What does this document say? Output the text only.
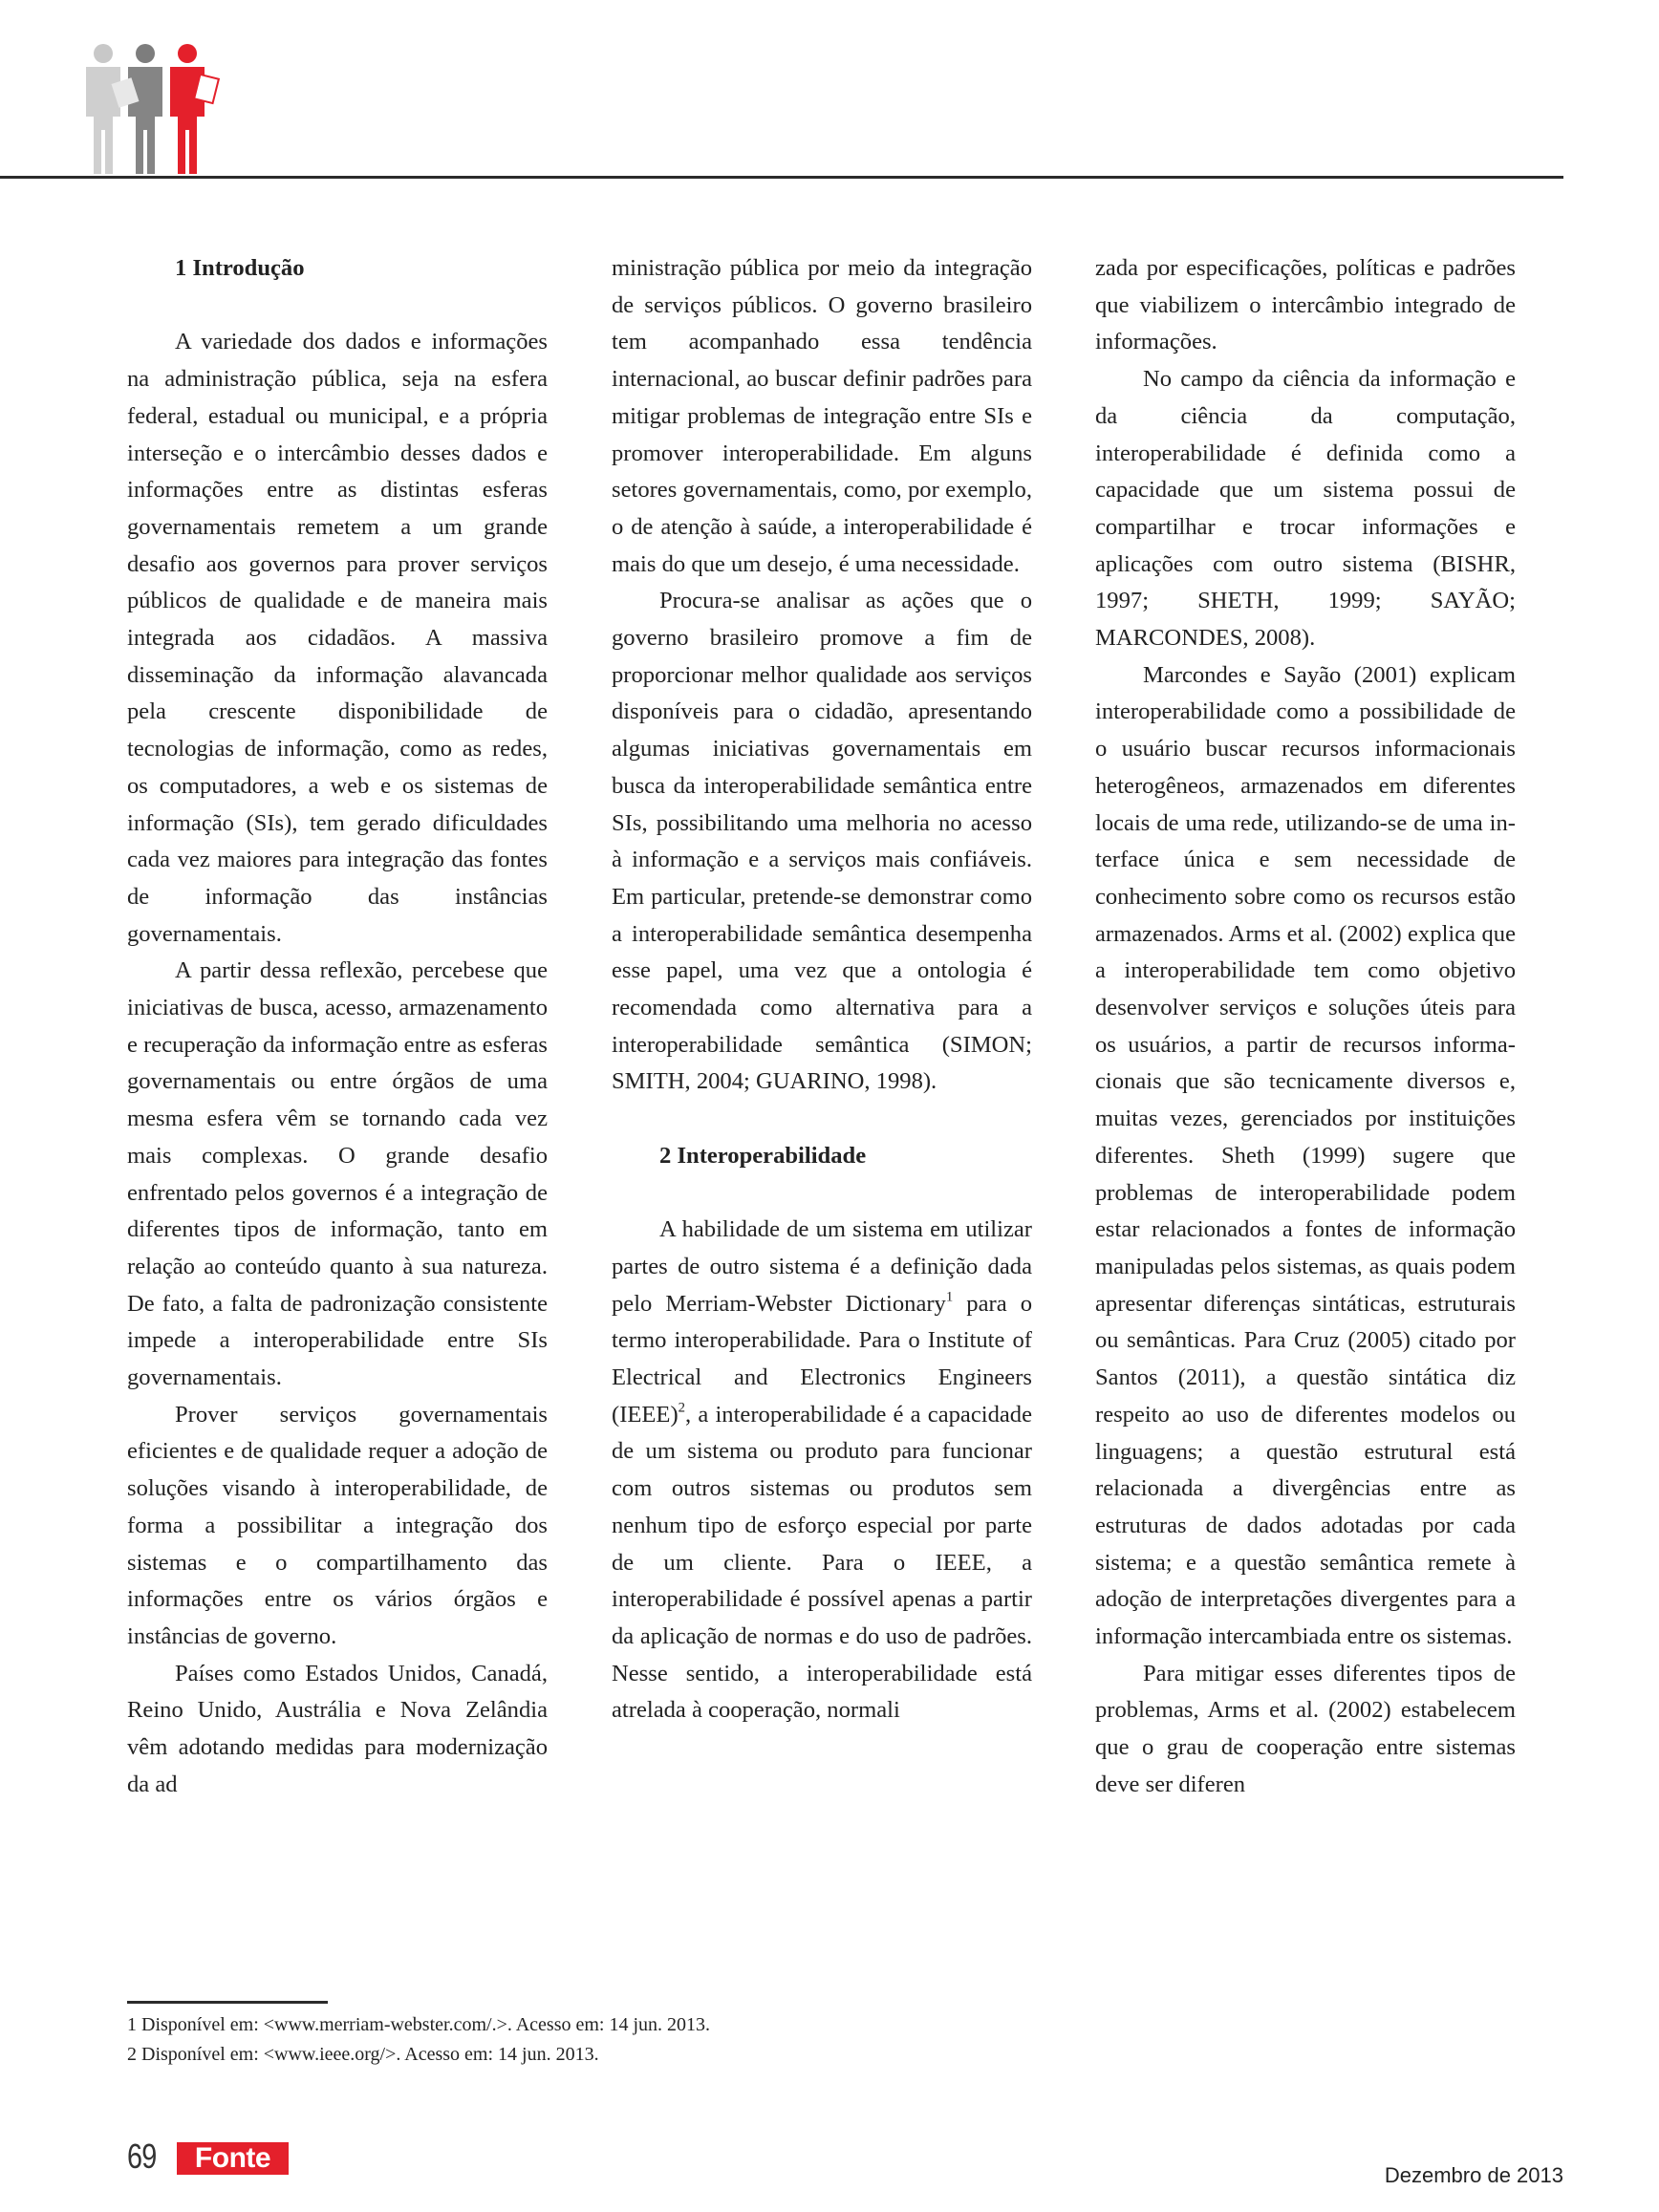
1 Introdução

A variedade dos dados e informações na administração pública, seja na esfera federal, estadual ou municipal, e a própria interseção e o intercâmbio desses dados e informações entre as distintas esferas governamentais remetem a um grande desafio aos governos para prover serviços públicos de qualidade e de maneira mais integrada aos cidadãos. A massiva disseminação da informação alavancada pela crescente disponibilidade de tecnologias de informação, como as redes, os computadores, a web e os sistemas de informação (SIs), tem gerado dificuldades cada vez maiores para integração das fontes de informação das instâncias governamentais.

A partir dessa reflexão, percebese que iniciativas de busca, acesso, armazenamento e recuperação da informação entre as esferas governamentais ou entre órgãos de uma mesma esfera vêm se tornando cada vez mais complexas. O grande desafio enfrentado pelos governos é a integração de diferentes tipos de informação, tanto em relação ao conteúdo quanto à sua natureza. De fato, a falta de padronização consistente impede a interoperabilidade entre SIs governamentais.

Prover serviços governamentais eficientes e de qualidade requer a adoção de soluções visando à interoperabilidade, de forma a possibilitar a integração dos sistemas e o compartilhamento das informações entre os vários órgãos e instâncias de governo.

Países como Estados Unidos, Canadá, Reino Unido, Austrália e Nova Zelândia vêm adotando medidas para modernização da ad

ministração pública por meio da integração de serviços públicos. O governo brasileiro tem acompanhado essa tendência internacional, ao buscar definir padrões para mitigar problemas de integração entre SIs e promover interoperabilidade. Em alguns setores governamentais, como, por exemplo, o de atenção à saúde, a interoperabilidade é mais do que um desejo, é uma necessidade.

Procura-se analisar as ações que o governo brasileiro promove a fim de proporcionar melhor qualidade aos serviços disponíveis para o cidadão, apresentando algumas iniciativas governamentais em busca da interoperabilidade semântica entre SIs, possibilitando uma melhoria no acesso à informação e a serviços mais confiáveis. Em particular, pretende-se demonstrar como a interoperabilidade semântica desempenha esse papel, uma vez que a ontologia é recomendada como alternativa para a interoperabilidade semântica (SIMON; SMITH, 2004; GUARINO, 1998).

2 Interoperabilidade

A habilidade de um sistema em utilizar partes de outro sistema é a definição dada pelo Merriam-Webster Dictionary$^1$ para o termo interoperabilidade. Para o Institute of Electrical and Electronics Engineers (IEEE)$^2$, a interoperabilidade é a capacidade de um sistema ou produto para funcionar com outros sistemas ou produtos sem nenhum tipo de esforço especial por parte de um cliente. Para o IEEE, a interoperabilidade é possível apenas a partir da aplicação de normas e do uso de padrões. Nesse sentido, a interoperabilidade está atrelada à cooperação, normali

zada por especificações, políticas e padrões que viabilizem o intercâmbio integrado de informações.

No campo da ciência da informação e da ciência da computação, interoperabilidade é definida como a capacidade que um sistema possui de compartilhar e trocar informações e aplicações com outro sistema (BISHR, 1997; SHETH, 1999; SAYÃO; MARCONDES, 2008).

Marcondes e Sayão (2001) explicam interoperabilidade como a possibilidade de o usuário buscar recursos informacionais heterogêneos, armazenados em diferentes locais de uma rede, utilizando-se de uma interface única e sem necessidade de conhecimento sobre como os recursos estão armazenados. Arms et al. (2002) explica que a interoperabilidade tem como objetivo desenvolver serviços e soluções úteis para os usuários, a partir de recursos informacionais que são tecnicamente diversos e, muitas vezes, gerenciados por instituições diferentes. Sheth (1999) sugere que problemas de interoperabilidade podem estar relacionados a fontes de informação manipuladas pelos sistemas, as quais podem apresentar diferenças sintáticas, estruturais ou semânticas. Para Cruz (2005) citado por Santos (2011), a questão sintática diz respeito ao uso de diferentes modelos ou linguagens; a questão estrutural está relacionada a divergências entre as estruturas de dados adotadas por cada sistema; e a questão semântica remete à adoção de interpretações divergentes para a informação intercambiada entre os sistemas.

Para mitigar esses diferentes tipos de problemas, Arms et al. (2002) estabelecem que o grau de cooperação entre sistemas deve ser diferen

1 Disponível em: <www.merriam-webster.com/.>. Acesso em: 14 jun. 2013.
2 Disponível em: <www.ieee.org/>. Acesso em: 14 jun. 2013.
69	Fonte
Dezembro de 2013
